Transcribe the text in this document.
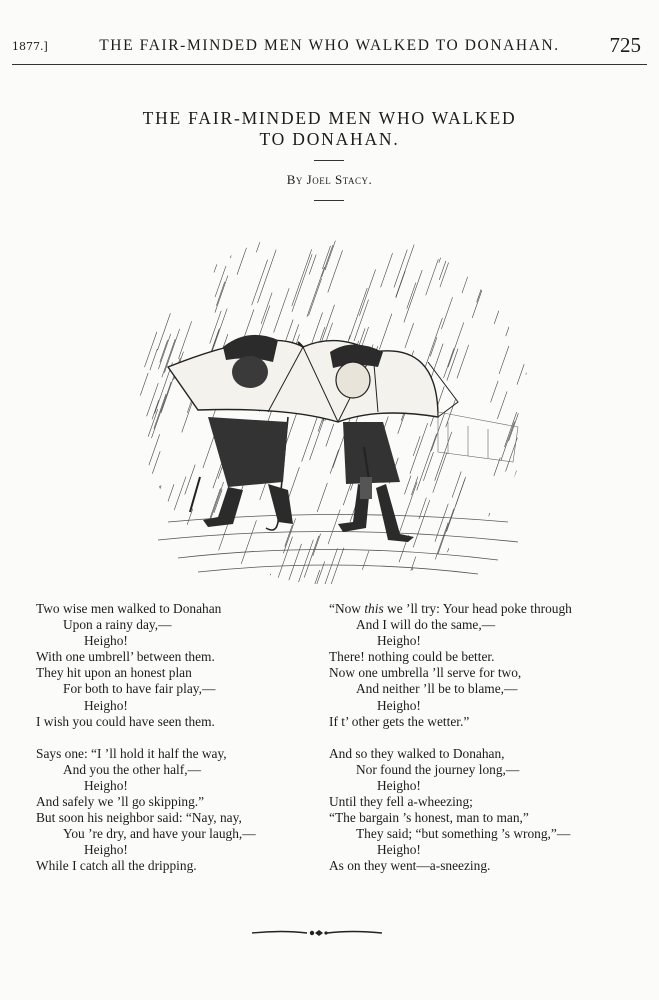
1877.]	THE FAIR-MINDED MEN WHO WALKED TO DONAHAN.	725
THE FAIR-MINDED MEN WHO WALKED
TO DONAHAN.
By Joel Stacy.
Two wise men walked to Donahan
Upon a rainy day,—
Heigho!
With one umbrell’ between them.
They hit upon an honest plan
For both to have fair play,—
Heigho!
I wish you could have seen them.
Says one: “I ’ll hold it half the way,
And you the other half,—
Heigho!
And safely we ’ll go skipping.”
But soon his neighbor said: “Nay, nay,
You ’re dry, and have your laugh,—
Heigho!
While I catch all the dripping.
“Now this we ’ll try: Your head poke through
And I will do the same,—
Heigho!
There! nothing could be better.
Now one umbrella ’ll serve for two,
And neither ’ll be to blame,—
Heigho!
If t’ other gets the wetter.”
And so they walked to Donahan,
Nor found the journey long,—
Heigho!
Until they fell a-wheezing;
“The bargain ’s honest, man to man,”
They said; “but something ’s wrong,”—
Heigho!
As on they went—a-sneezing.
